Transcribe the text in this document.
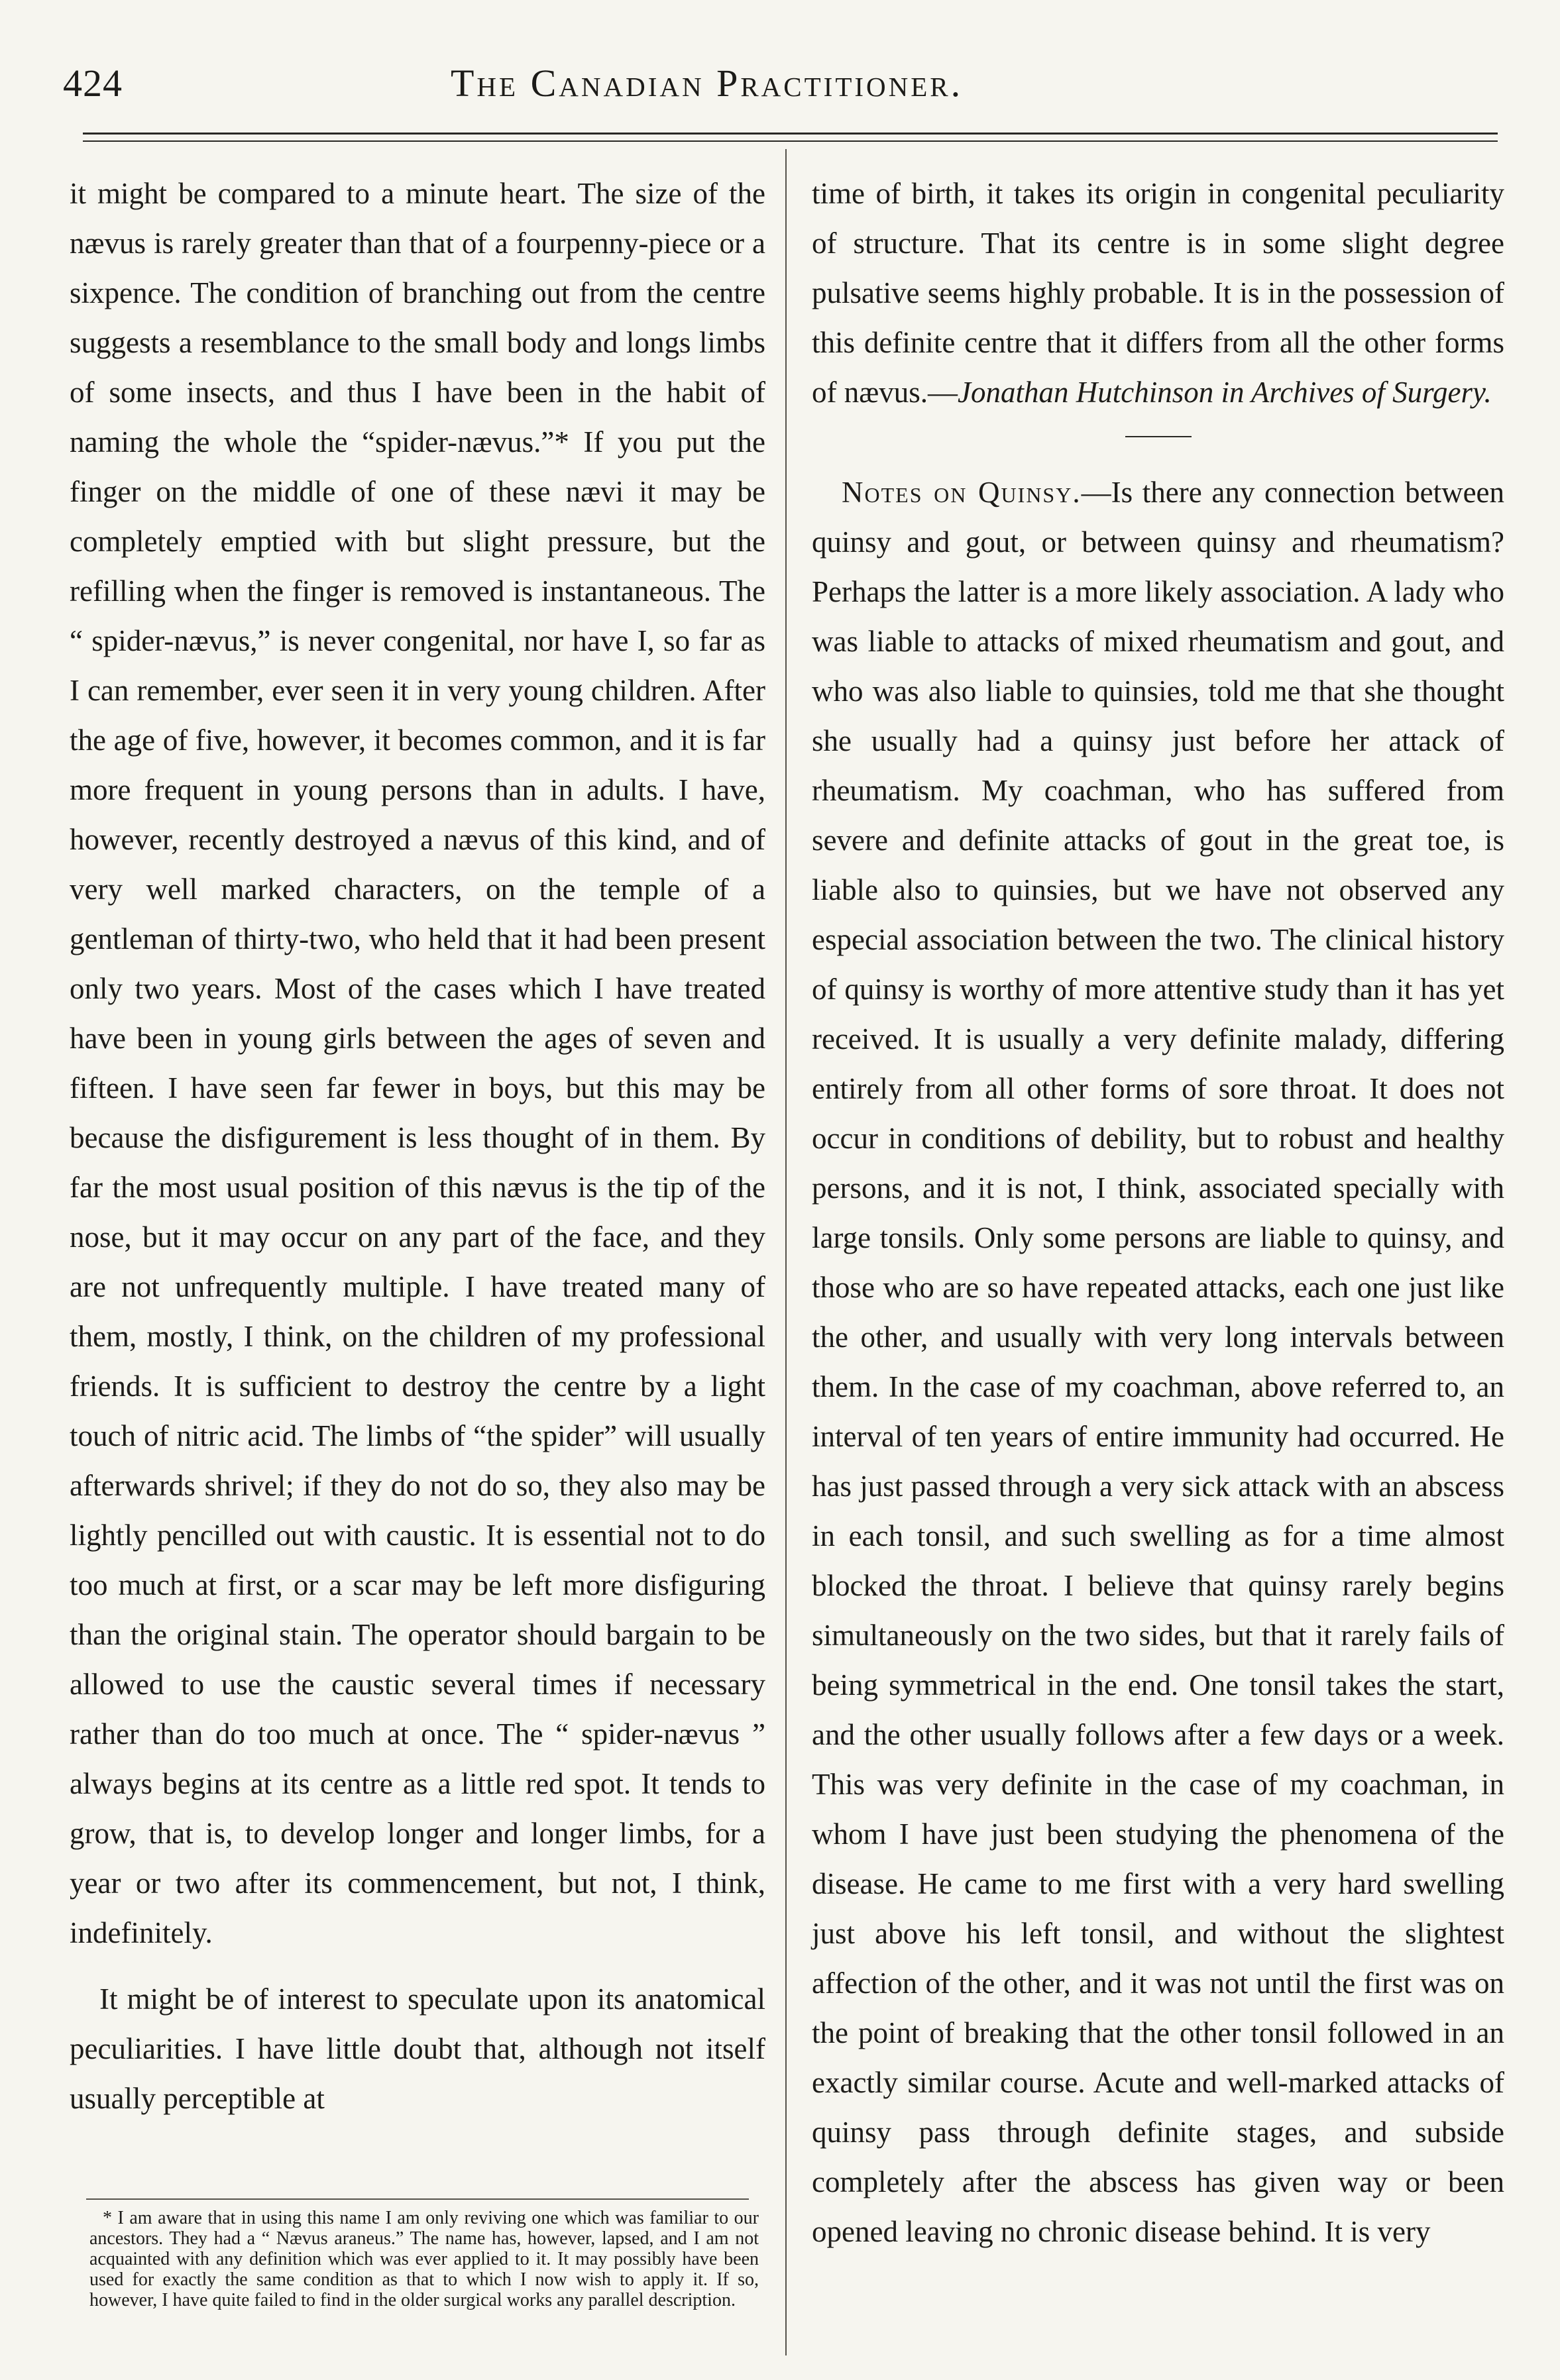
424	The Canadian Practitioner.

it might be compared to a minute heart. The size of the nævus is rarely greater than that of a fourpenny-piece or a sixpence. The condition of branching out from the centre suggests a resemblance to the small body and longs limbs of some insects, and thus I have been in the habit of naming the whole the “spider-nævus.”* If you put the finger on the middle of one of these nævi it may be completely emptied with but slight pressure, but the refilling when the finger is removed is instantaneous. The “ spider-nævus,” is never congenital, nor have I, so far as I can remember, ever seen it in very young children. After the age of five, however, it becomes common, and it is far more frequent in young persons than in adults. I have, however, recently destroyed a nævus of this kind, and of very well marked characters, on the temple of a gentleman of thirty-two, who held that it had been present only two years. Most of the cases which I have treated have been in young girls between the ages of seven and fifteen. I have seen far fewer in boys, but this may be because the disfigurement is less thought of in them. By far the most usual position of this nævus is the tip of the nose, but it may occur on any part of the face, and they are not unfrequently multiple. I have treated many of them, mostly, I think, on the children of my professional friends. It is sufficient to destroy the centre by a light touch of nitric acid. The limbs of “the spider” will usually afterwards shrivel; if they do not do so, they also may be lightly pencilled out with caustic. It is essential not to do too much at first, or a scar may be left more disfiguring than the original stain. The operator should bargain to be allowed to use the caustic several times if necessary rather than do too much at once. The “ spider-nævus ” always begins at its centre as a little red spot. It tends to grow, that is, to develop longer and longer limbs, for a year or two after its commencement, but not, I think, indefinitely.

It might be of interest to speculate upon its anatomical peculiarities. I have little doubt that, although not itself usually perceptible at

* I am aware that in using this name I am only reviving one which was familiar to our ancestors. They had a “ Nævus araneus.” The name has, however, lapsed, and I am not acquainted with any definition which was ever applied to it. It may possibly have been used for exactly the same condition as that to which I now wish to apply it. If so, however, I have quite failed to find in the older surgical works any parallel description.

time of birth, it takes its origin in congenital peculiarity of structure. That its centre is in some slight degree pulsative seems highly probable. It is in the possession of this definite centre that it differs from all the other forms of nævus.—Jonathan Hutchinson in Archives of Surgery.

Notes on Quinsy.—Is there any connection between quinsy and gout, or between quinsy and rheumatism? Perhaps the latter is a more likely association. A lady who was liable to attacks of mixed rheumatism and gout, and who was also liable to quinsies, told me that she thought she usually had a quinsy just before her attack of rheumatism. My coachman, who has suffered from severe and definite attacks of gout in the great toe, is liable also to quinsies, but we have not observed any especial association between the two. The clinical history of quinsy is worthy of more attentive study than it has yet received. It is usually a very definite malady, differing entirely from all other forms of sore throat. It does not occur in conditions of debility, but to robust and healthy persons, and it is not, I think, associated specially with large tonsils. Only some persons are liable to quinsy, and those who are so have repeated attacks, each one just like the other, and usually with very long intervals between them. In the case of my coachman, above referred to, an interval of ten years of entire immunity had occurred. He has just passed through a very sick attack with an abscess in each tonsil, and such swelling as for a time almost blocked the throat. I believe that quinsy rarely begins simultaneously on the two sides, but that it rarely fails of being symmetrical in the end. One tonsil takes the start, and the other usually follows after a few days or a week. This was very definite in the case of my coachman, in whom I have just been studying the phenomena of the disease. He came to me first with a very hard swelling just above his left tonsil, and without the slightest affection of the other, and it was not until the first was on the point of breaking that the other tonsil followed in an exactly similar course. Acute and well-marked attacks of quinsy pass through definite stages, and subside completely after the abscess has given way or been opened leaving no chronic disease behind. It is very
